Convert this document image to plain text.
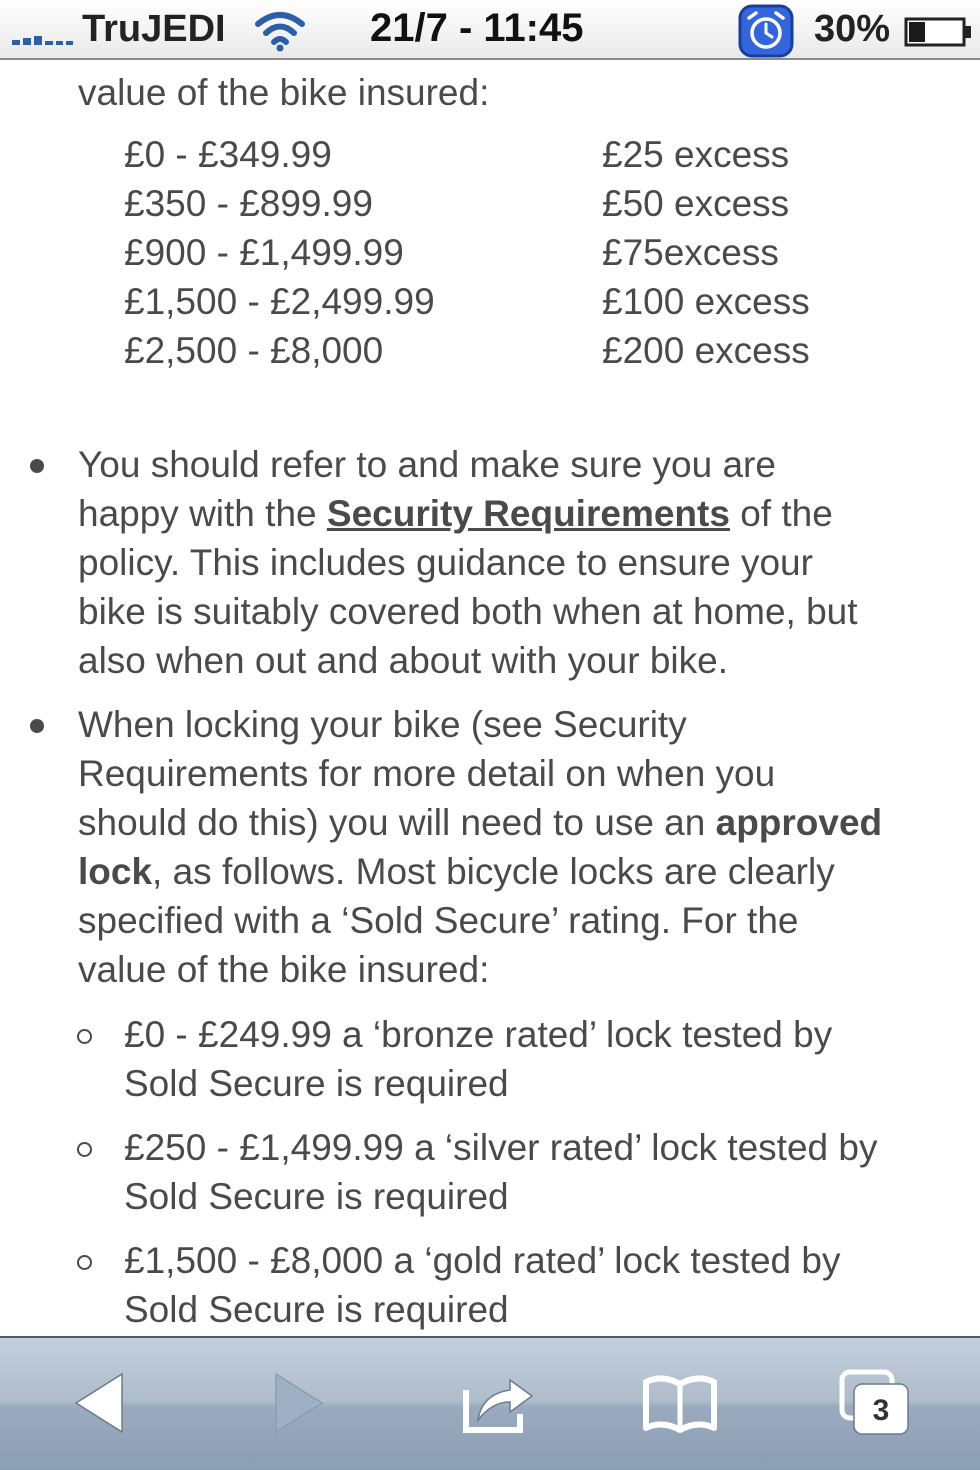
TruJEDI	21/7 - 11:45	30%
value of the bike insured:
£0 - £349.99	£25 excess
£350 - £899.99	£50 excess
£900 - £1,499.99	£75excess
£1,500 - £2,499.99	£100 excess
£2,500 - £8,000	£200 excess
You should refer to and make sure you are
happy with the Security Requirements of the
policy. This includes guidance to ensure your
bike is suitably covered both when at home, but
also when out and about with your bike.
When locking your bike (see Security
Requirements for more detail on when you
should do this) you will need to use an approved
lock, as follows. Most bicycle locks are clearly
specified with a ‘Sold Secure’ rating. For the
value of the bike insured:
£0 - £249.99 a ‘bronze rated’ lock tested by
Sold Secure is required
£250 - £1,499.99 a ‘silver rated’ lock tested by
Sold Secure is required
£1,500 - £8,000 a ‘gold rated’ lock tested by
Sold Secure is required
3
